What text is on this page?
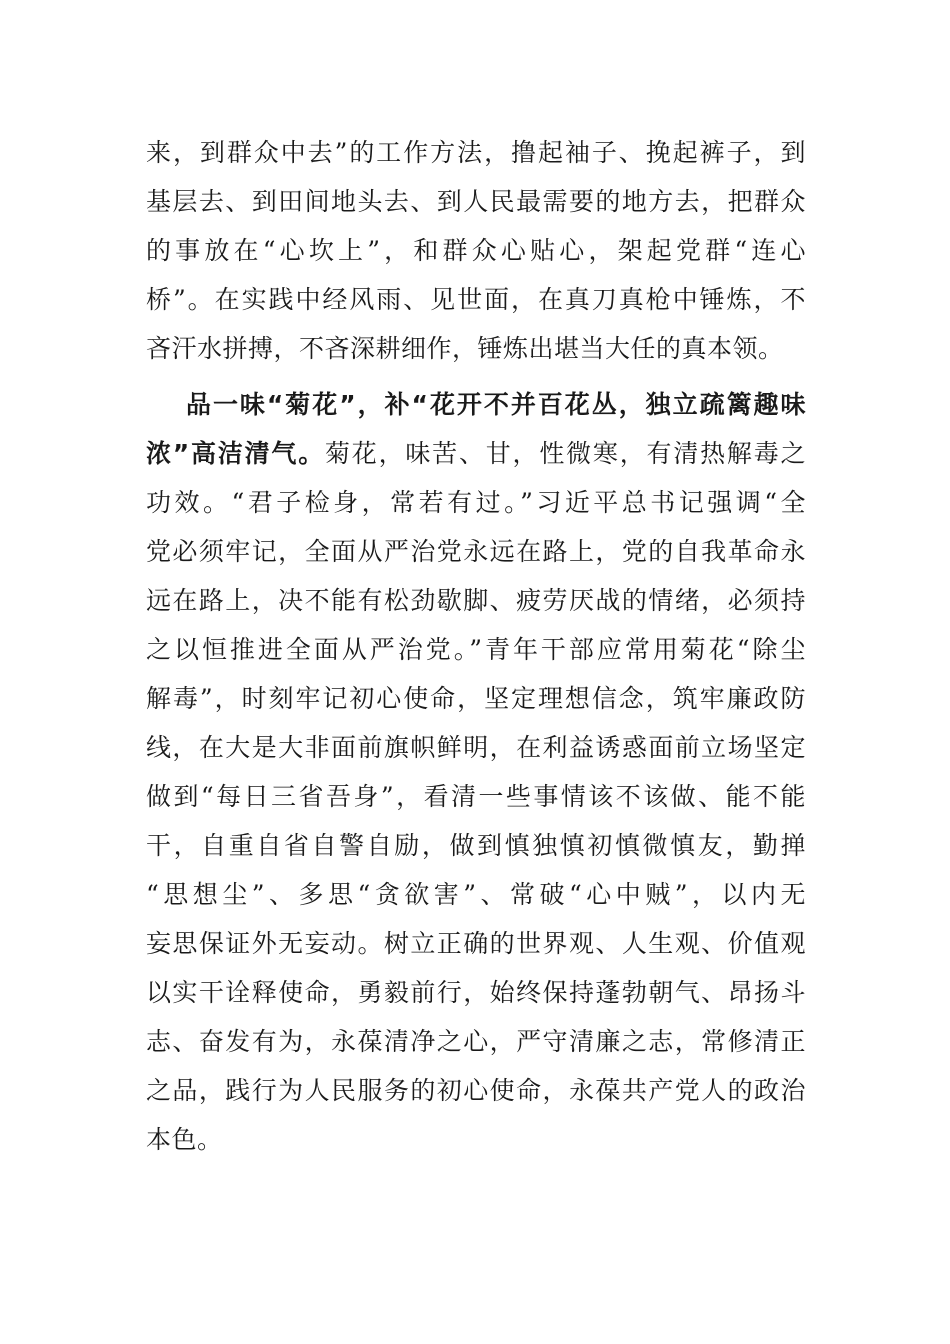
来，到群众中去”的工作方法，撸起袖子、挽起裤子，到
基层去、到田间地头去、到人民最需要的地方去，把群众
的事放在“心坎上”，和群众心贴心，架起党群“连心
桥”。在实践中经风雨、见世面，在真刀真枪中锤炼，不
吝汗水拼搏，不吝深耕细作，锤炼出堪当大任的真本领。
品一味“菊花”，补“花开不并百花丛，独立疏篱趣味
浓”高洁清气。菊花，味苦、甘，性微寒，有清热解毒之
功效。“君子检身，常若有过。”习近平总书记强调“全
党必须牢记，全面从严治党永远在路上，党的自我革命永
远在路上，决不能有松劲歇脚、疲劳厌战的情绪，必须持
之以恒推进全面从严治党。”青年干部应常用菊花“除尘
解毒”，时刻牢记初心使命，坚定理想信念，筑牢廉政防
线，在大是大非面前旗帜鲜明，在利益诱惑面前立场坚定
做到“每日三省吾身”，看清一些事情该不该做、能不能
干，自重自省自警自励，做到慎独慎初慎微慎友，勤掸
“思想尘”、多思“贪欲害”、常破“心中贼”，以内无
妄思保证外无妄动。树立正确的世界观、人生观、价值观
以实干诠释使命，勇毅前行，始终保持蓬勃朝气、昂扬斗
志、奋发有为，永葆清净之心，严守清廉之志，常修清正
之品，践行为人民服务的初心使命，永葆共产党人的政治
本色。
